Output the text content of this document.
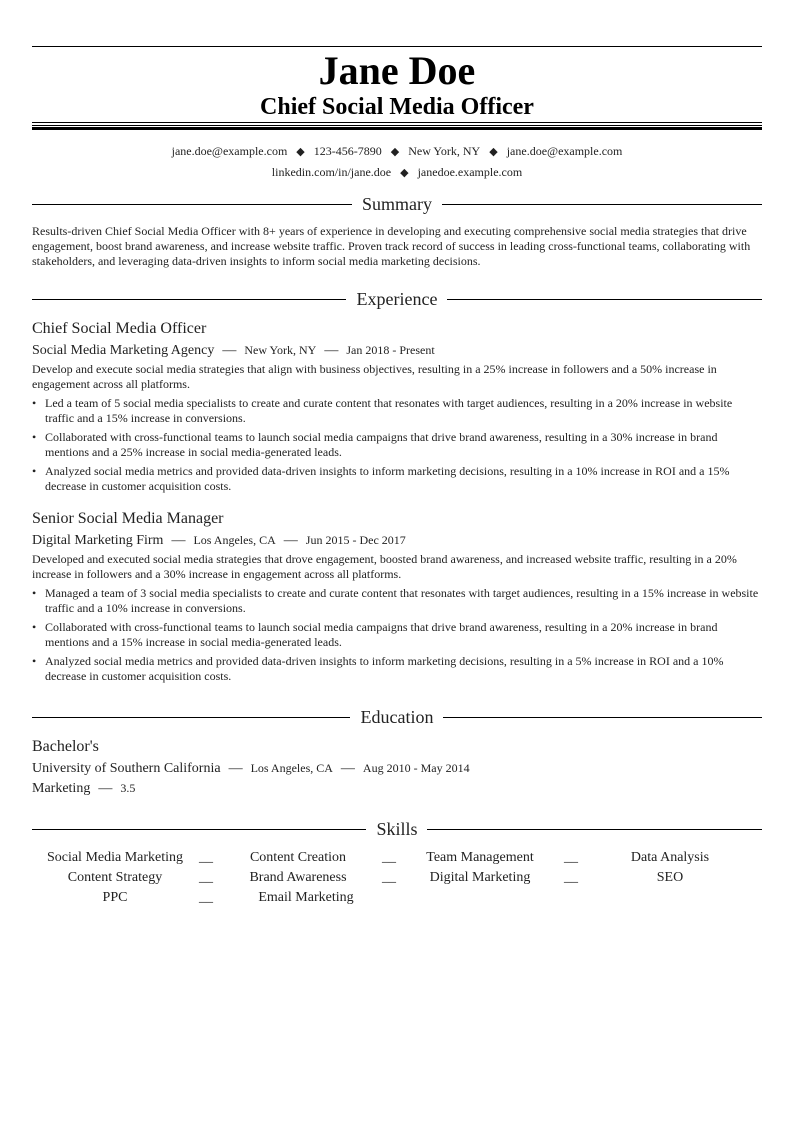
Jane Doe
Chief Social Media Officer
jane.doe@example.com ◆ 123-456-7890 ◆ New York, NY ◆ jane.doe@example.com
linkedin.com/in/jane.doe ◆ janedoe.example.com
Summary
Results-driven Chief Social Media Officer with 8+ years of experience in developing and executing comprehensive social media strategies that drive engagement, boost brand awareness, and increase website traffic. Proven track record of success in leading cross-functional teams, collaborating with stakeholders, and leveraging data-driven insights to inform social media marketing decisions.
Experience
Chief Social Media Officer
Social Media Marketing Agency — New York, NY — Jan 2018 - Present
Develop and execute social media strategies that align with business objectives, resulting in a 25% increase in followers and a 50% increase in engagement across all platforms.
• Led a team of 5 social media specialists to create and curate content that resonates with target audiences, resulting in a 20% increase in website traffic and a 15% increase in conversions.
• Collaborated with cross-functional teams to launch social media campaigns that drive brand awareness, resulting in a 30% increase in brand mentions and a 25% increase in social media-generated leads.
• Analyzed social media metrics and provided data-driven insights to inform marketing decisions, resulting in a 10% increase in ROI and a 15% decrease in customer acquisition costs.
Senior Social Media Manager
Digital Marketing Firm — Los Angeles, CA — Jun 2015 - Dec 2017
Developed and executed social media strategies that drove engagement, boosted brand awareness, and increased website traffic, resulting in a 20% increase in followers and a 30% increase in engagement across all platforms.
• Managed a team of 3 social media specialists to create and curate content that resonates with target audiences, resulting in a 15% increase in website traffic and a 10% increase in conversions.
• Collaborated with cross-functional teams to launch social media campaigns that drive brand awareness, resulting in a 20% increase in brand mentions and a 15% increase in social media-generated leads.
• Analyzed social media metrics and provided data-driven insights to inform marketing decisions, resulting in a 5% increase in ROI and a 10% decrease in customer acquisition costs.
Education
Bachelor's
University of Southern California — Los Angeles, CA — Aug 2010 - May 2014
Marketing — 3.5
Skills
Social Media Marketing	__	Content Creation	__	Team Management	__	Data Analysis
Content Strategy	__	Brand Awareness	__	Digital Marketing	__	SEO
PPC	__	Email Marketing
